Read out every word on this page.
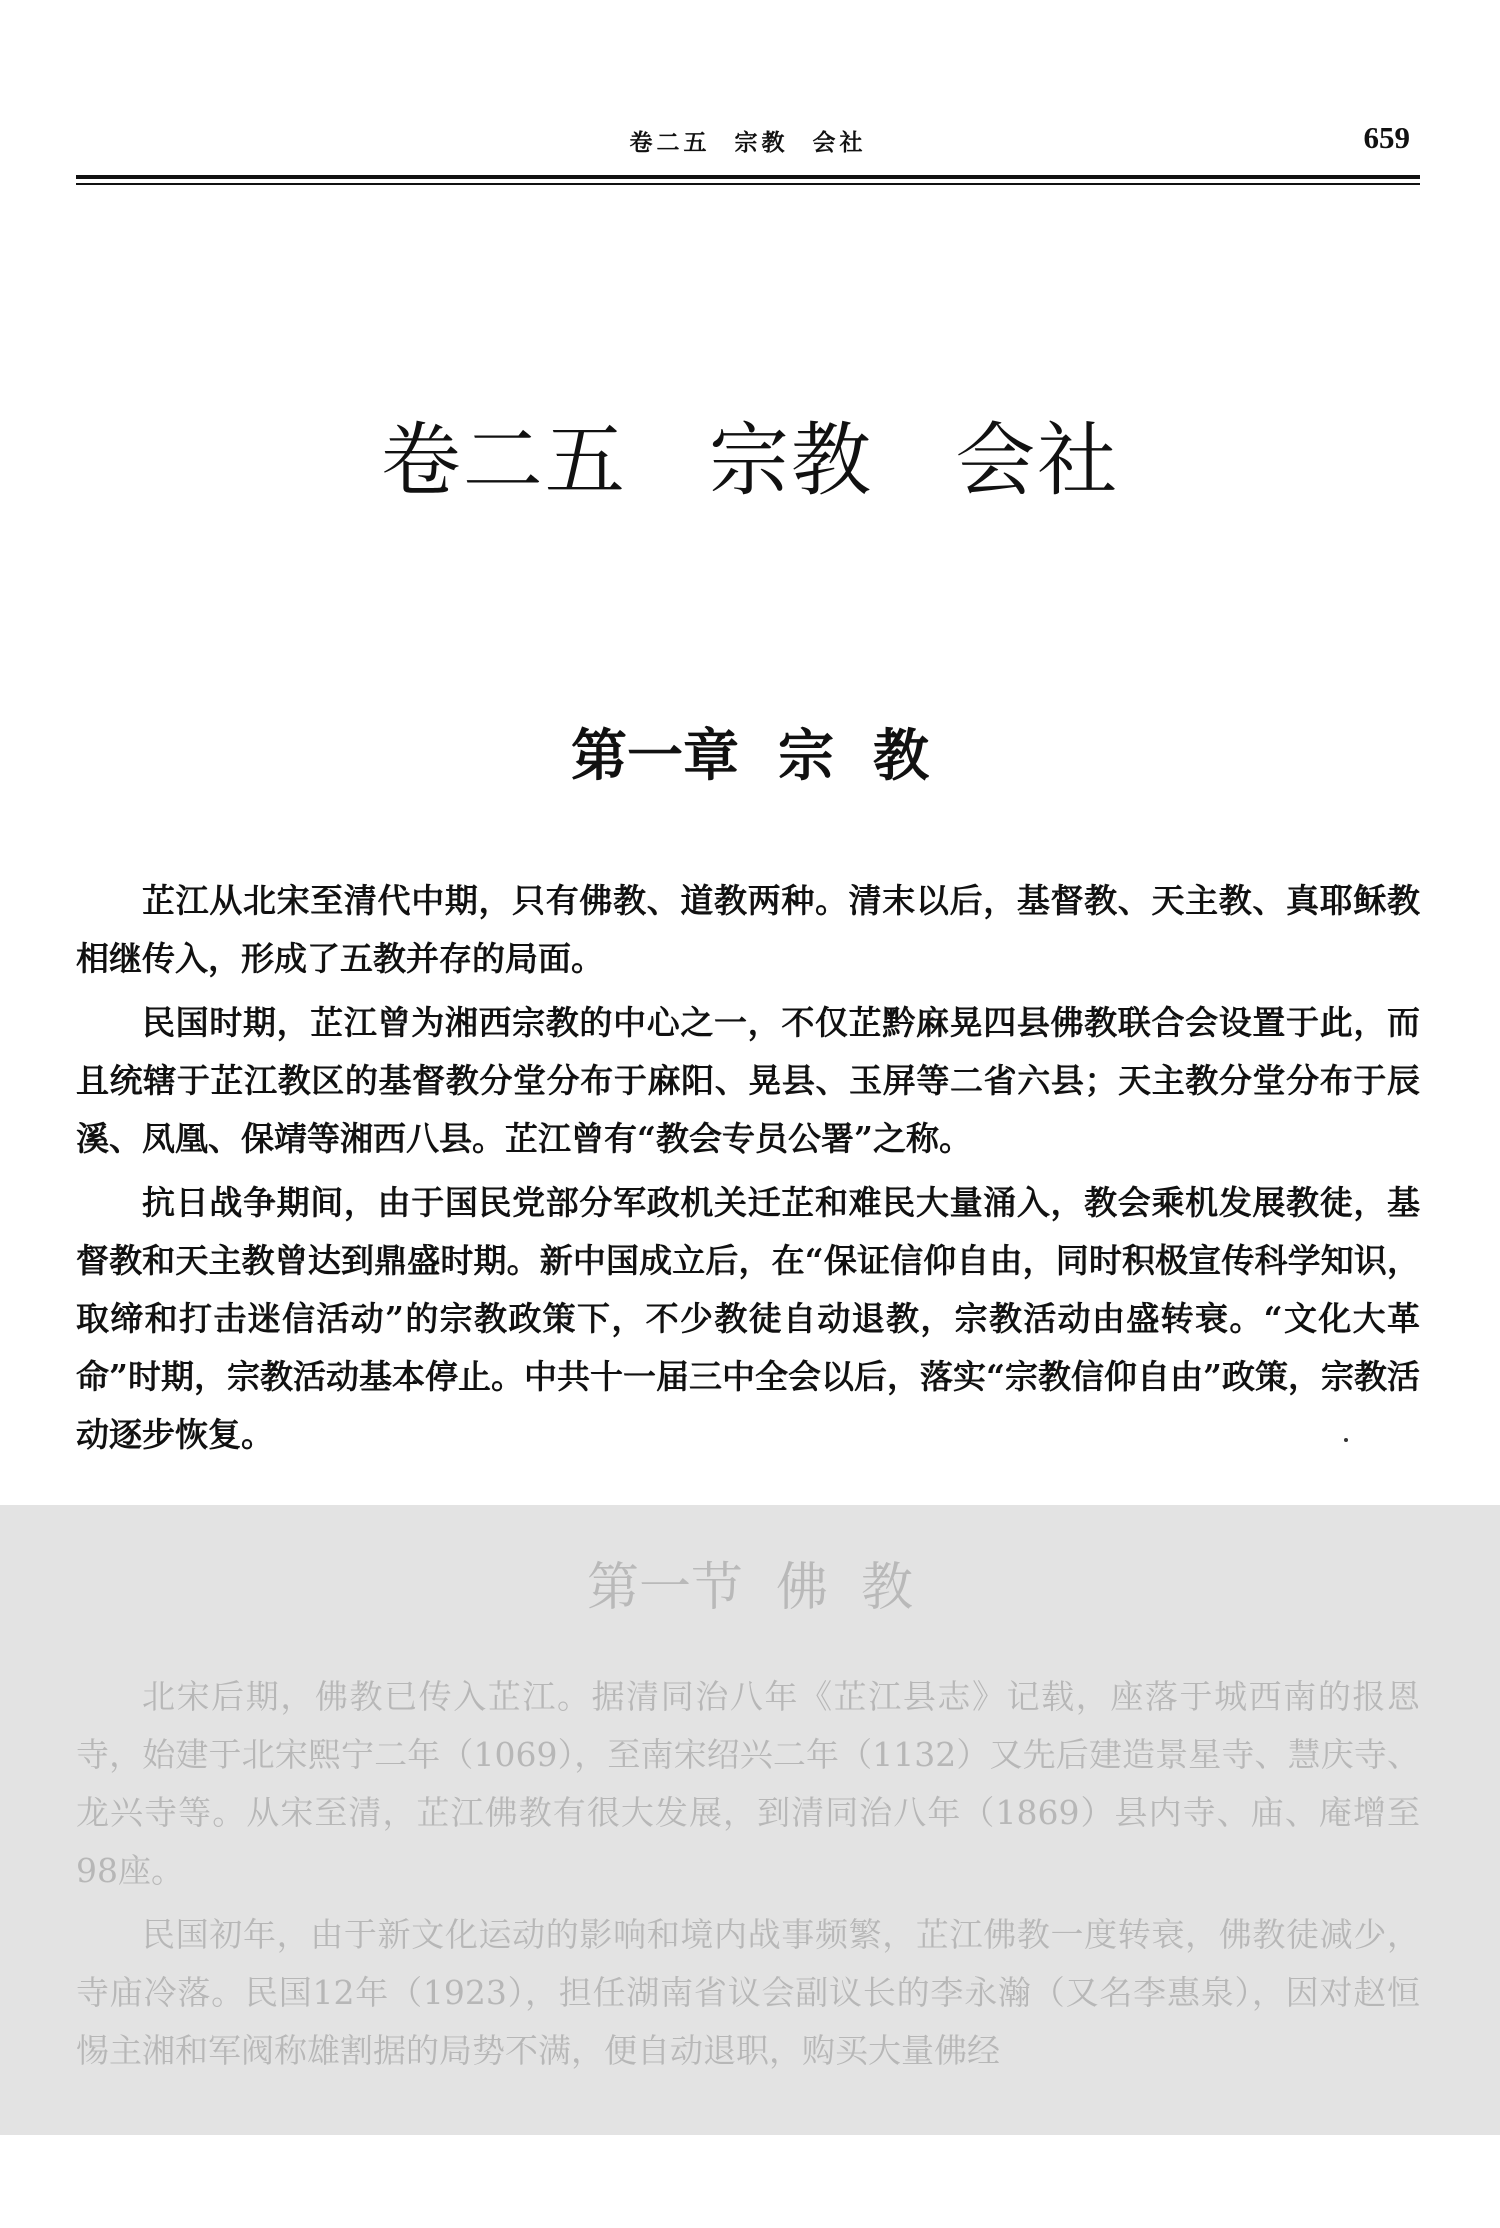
卷二五  宗教  会社	659
卷二五   宗教   会社
第一章  宗  教

芷江从北宋至清代中期，只有佛教、道教两种。清末以后，基督教、天主教、真耶稣教相继传入，形成了五教并存的局面。

民国时期，芷江曾为湘西宗教的中心之一，不仅芷黔麻晃四县佛教联合会设置于此，而且统辖于芷江教区的基督教分堂分布于麻阳、晃县、玉屏等二省六县；天主教分堂分布于辰溪、凤凰、保靖等湘西八县。芷江曾有“教会专员公署”之称。

抗日战争期间，由于国民党部分军政机关迁芷和难民大量涌入，教会乘机发展教徒，基督教和天主教曾达到鼎盛时期。新中国成立后，在“保证信仰自由，同时积极宣传科学知识，取缔和打击迷信活动”的宗教政策下，不少教徒自动退教，宗教活动由盛转衰。“文化大革命”时期，宗教活动基本停止。中共十一届三中全会以后，落实“宗教信仰自由”政策，宗教活动逐步恢复。

第一节  佛  教

北宋后期，佛教已传入芷江。据清同治八年《芷江县志》记载，座落于城西南的报恩寺，始建于北宋熙宁二年（1069），至南宋绍兴二年（1132）又先后建造景星寺、慧庆寺、龙兴寺等。从宋至清，芷江佛教有很大发展，到清同治八年（1869）县内寺、庙、庵增至98座。

民国初年，由于新文化运动的影响和境内战事频繁，芷江佛教一度转衰，佛教徒减少，寺庙冷落。民国12年（1923），担任湖南省议会副议长的李永瀚（又名李惠泉），因对赵恒惕主湘和军阀称雄割据的局势不满，便自动退职，购买大量佛经
